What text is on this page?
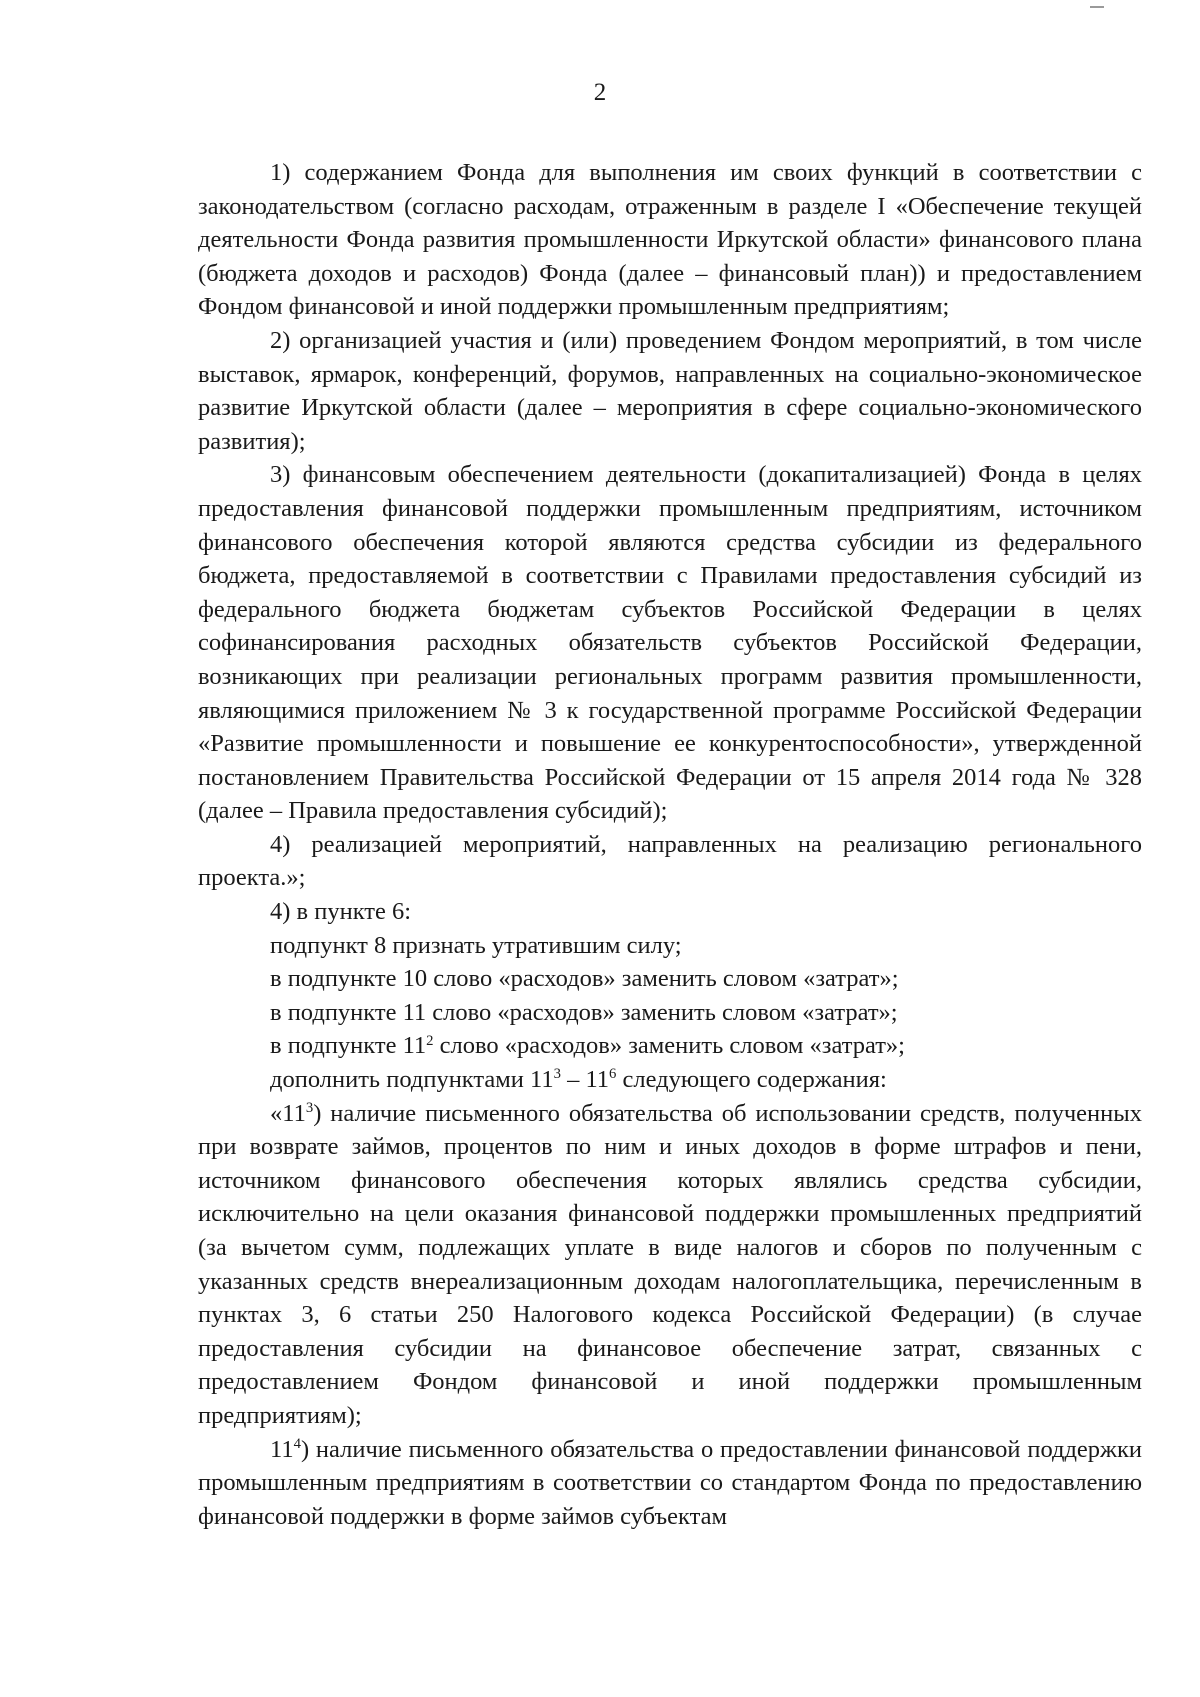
2

1) содержанием Фонда для выполнения им своих функций в соответствии с законодательством (согласно расходам, отраженным в разделе I «Обеспечение текущей деятельности Фонда развития промышленности Иркутской области» финансового плана (бюджета доходов и расходов) Фонда (далее – финансовый план)) и предоставлением Фондом финансовой и иной поддержки промышленным предприятиям;

2) организацией участия и (или) проведением Фондом мероприятий, в том числе выставок, ярмарок, конференций, форумов, направленных на социально-экономическое развитие Иркутской области (далее – мероприятия в сфере социально-экономического развития);

3) финансовым обеспечением деятельности (докапитализацией) Фонда в целях предоставления финансовой поддержки промышленным предприятиям, источником финансового обеспечения которой являются средства субсидии из федерального бюджета, предоставляемой в соответствии с Правилами предоставления субсидий из федерального бюджета бюджетам субъектов Российской Федерации в целях софинансирования расходных обязательств субъектов Российской Федерации, возникающих при реализации региональных программ развития промышленности, являющимися приложением № 3 к государственной программе Российской Федерации «Развитие промышленности и повышение ее конкурентоспособности», утвержденной постановлением Правительства Российской Федерации от 15 апреля 2014 года № 328 (далее – Правила предоставления субсидий);

4) реализацией мероприятий, направленных на реализацию регионального проекта.»;

4) в пункте 6:

подпункт 8 признать утратившим силу;

в подпункте 10 слово «расходов» заменить словом «затрат»;

в подпункте 11 слово «расходов» заменить словом «затрат»;

в подпункте $11^2$ слово «расходов» заменить словом «затрат»;

дополнить подпунктами $11^3 - 11^6$ следующего содержания:

«$11^3$) наличие письменного обязательства об использовании средств, полученных при возврате займов, процентов по ним и иных доходов в форме штрафов и пени, источником финансового обеспечения которых являлись средства субсидии, исключительно на цели оказания финансовой поддержки промышленных предприятий (за вычетом сумм, подлежащих уплате в виде налогов и сборов по полученным с указанных средств внереализационным доходам налогоплательщика, перечисленным в пунктах 3, 6 статьи 250 Налогового кодекса Российской Федерации) (в случае предоставления субсидии на финансовое обеспечение затрат, связанных с предоставлением Фондом финансовой и иной поддержки промышленным предприятиям);

$11^4$) наличие письменного обязательства о предоставлении финансовой поддержки промышленным предприятиям в соответствии со стандартом Фонда по предоставлению финансовой поддержки в форме займов субъектам
